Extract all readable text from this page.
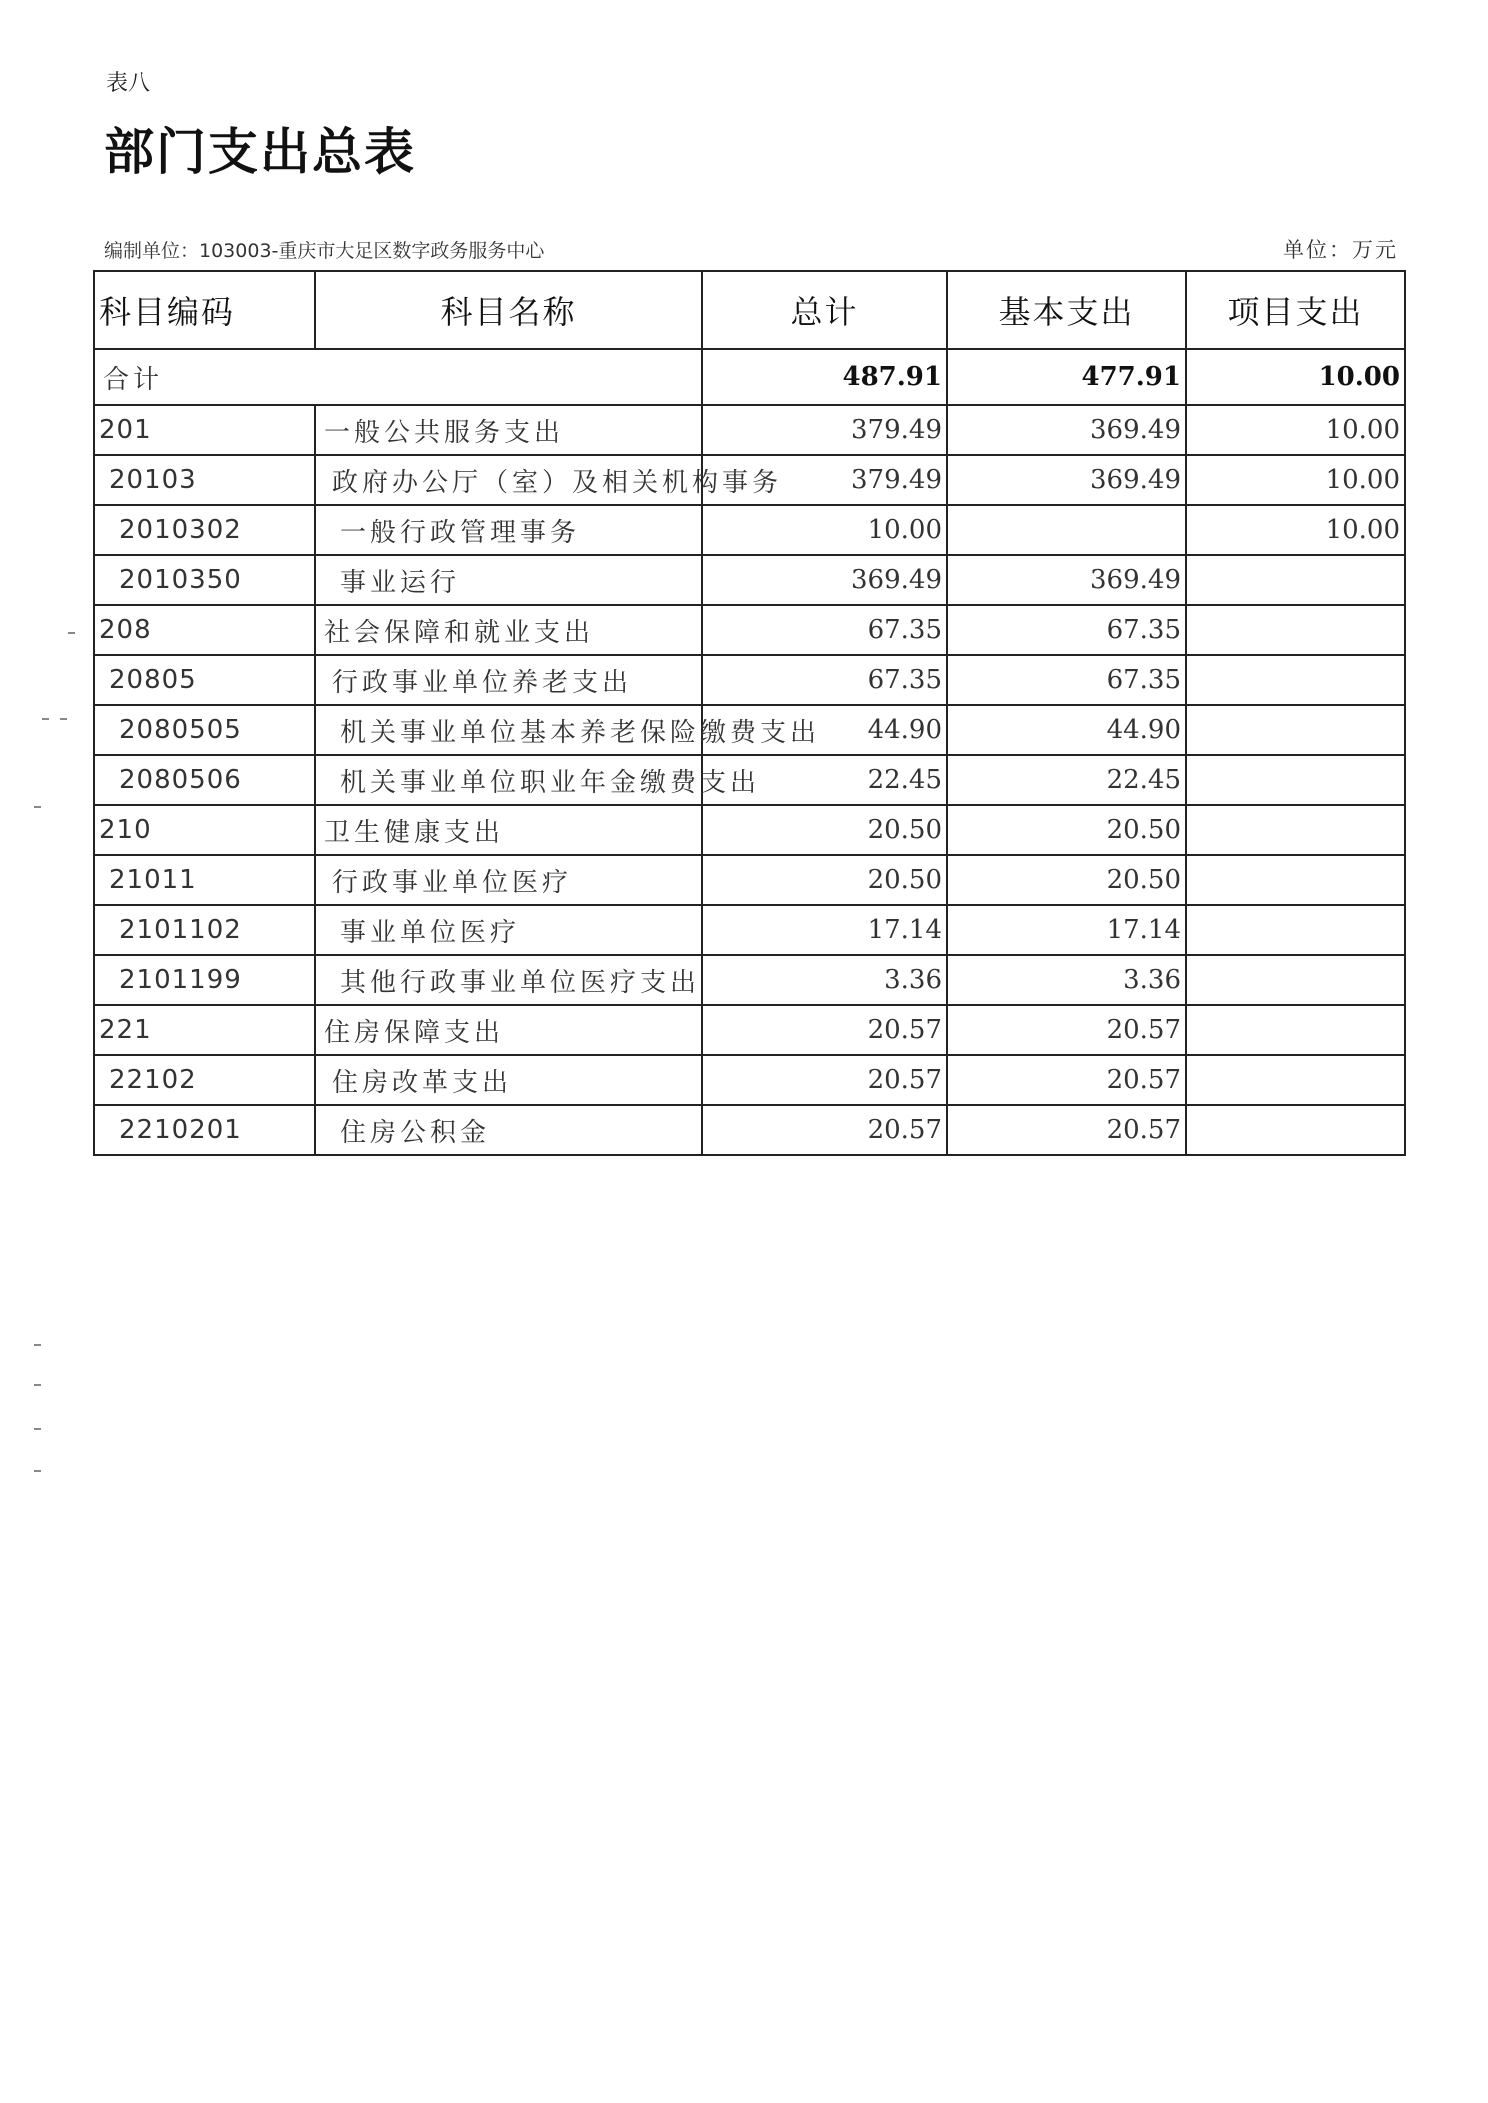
表八
部门支出总表
编制单位：103003-重庆市大足区数字政务服务中心	单位：万元
科目编码	科目名称	总计	基本支出	项目支出
合计		487.91	477.91	10.00
201	一般公共服务支出	379.49	369.49	10.00
20103	政府办公厅（室）及相关机构事务	379.49	369.49	10.00
2010302	一般行政管理事务	10.00		10.00
2010350	事业运行	369.49	369.49	
208	社会保障和就业支出	67.35	67.35	
20805	行政事业单位养老支出	67.35	67.35	
2080505	机关事业单位基本养老保险缴费支出	44.90	44.90	
2080506	机关事业单位职业年金缴费支出	22.45	22.45	
210	卫生健康支出	20.50	20.50	
21011	行政事业单位医疗	20.50	20.50	
2101102	事业单位医疗	17.14	17.14	
2101199	其他行政事业单位医疗支出	3.36	3.36	
221	住房保障支出	20.57	20.57	
22102	住房改革支出	20.57	20.57	
2210201	住房公积金	20.57	20.57	
